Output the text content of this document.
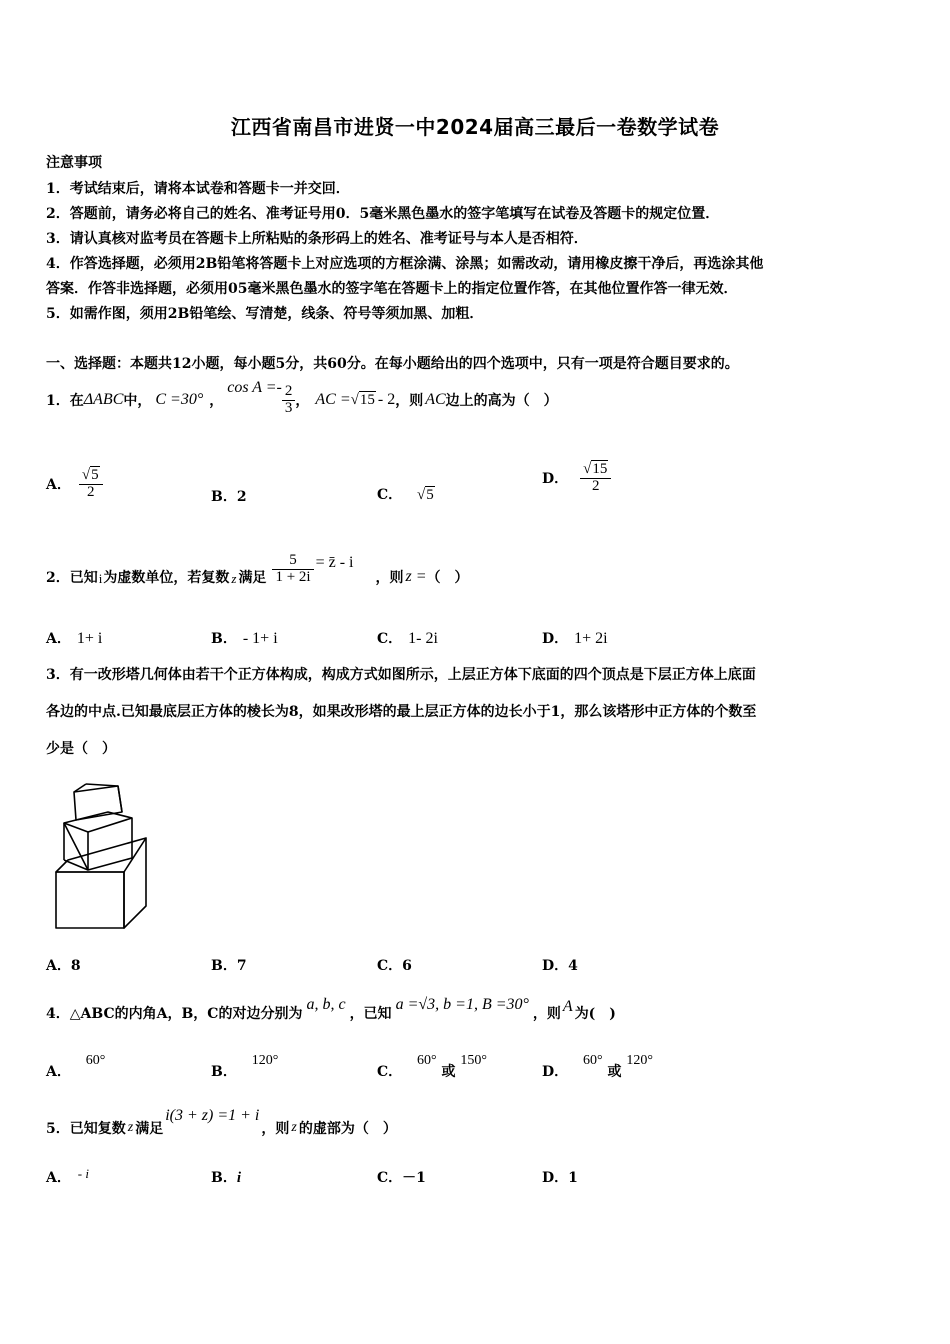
江西省南昌市进贤一中2024届高三最后一卷数学试卷
注意事项
1．考试结束后，请将本试卷和答题卡一并交回．
2．答题前，请务必将自己的姓名、准考证号用0．5毫米黑色墨水的签字笔填写在试卷及答题卡的规定位置．
3．请认真核对监考员在答题卡上所粘贴的条形码上的姓名、准考证号与本人是否相符．
4．作答选择题，必须用2B铅笔将答题卡上对应选项的方框涂满、涂黑；如需改动，请用橡皮擦干净后，再选涂其他
答案．作答非选择题，必须用05毫米黑色墨水的签字笔在答题卡上的指定位置作答，在其他位置作答一律无效．
5．如需作图，须用2B铅笔绘、写清楚，线条、符号等须加黑、加粗．
一、选择题：本题共12小题，每小题5分，共60分。在每小题给出的四个选项中，只有一项是符合题目要求的。
1．在 ΔABC 中， C =30° ，
$\cos A =- \frac{2}{3}$ ， AC = √15 - 2 ，则 AC 边上的高为（　）
A． $\frac{√5}{2}$	B．2	C． √5
D． $\frac{√15}{2}$
2．已知 i 为虚数单位，若复数 z 满足 $\frac{5}{1 + 2i}$ = z̄ - i
，则 z = （　）
A． 1+ i	B． - 1+ i	C． 1- 2i	D． 1+ 2i
3．有一改形塔几何体由若干个正方体构成，构成方式如图所示，上层正方体下底面的四个顶点是下层正方体上底面
各边的中点.已知最底层正方体的棱长为8，如果改形塔的最上层正方体的边长小于1，那么该塔形中正方体的个数至
少是（　）
A．8	B．7	C．6	D．4
4．△ABC的内角A，B，C的对边分别为
a, b, c
，已知
a =√3, b =1, B =30°
，则 A 为(　)
A． 60°
B． 120°
C． 60° 或 150°
D． 60° 或 120°
5．已知复数 z 满足
i(3 + z) =1 + i
，则 z 的虚部为（　）
A． - i	B．i	C．－1	D．1
